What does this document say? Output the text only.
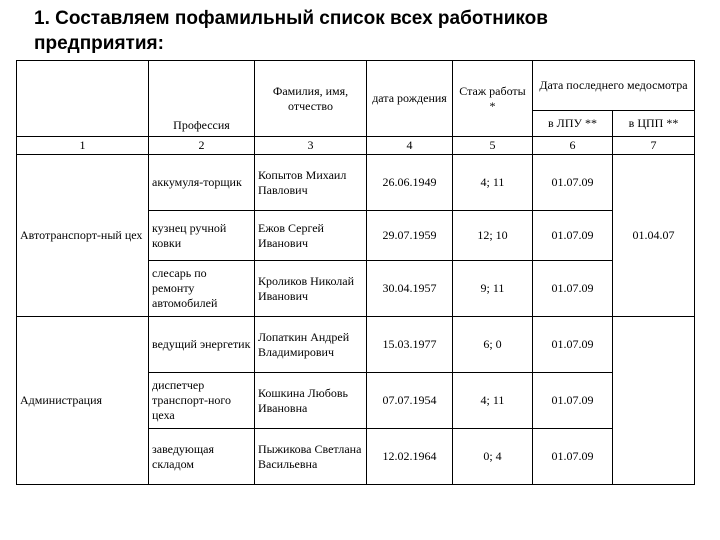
1. Составляем пофамильный список всех работников
предприятия:
	Профессия	Фамилия, имя, отчество	дата рождения	Стаж работы *	Дата последнего медосмотра	
					в ЛПУ **	в ЦПП **
1	2	3	4	5	6	7
Автотранспорт-ный цех	аккумуля-торщик	Копытов Михаил Павлович	26.06.1949	4; 11	01.07.09	01.04.07
	кузнец ручной ковки	Ежов Сергей Иванович	29.07.1959	12; 10	01.07.09	
	слесарь по ремонту автомобилей	Кроликов Николай Иванович	30.04.1957	9; 11	01.07.09	
Администрация	ведущий энергетик	Лопаткин Андрей Владимирович	15.03.1977	6; 0	01.07.09	
	диспетчер транспорт-ного цеха	Кошкина Любовь Ивановна	07.07.1954	4; 11	01.07.09	
	заведующая складом	Пыжикова Светлана Васильевна	12.02.1964	0; 4	01.07.09	
